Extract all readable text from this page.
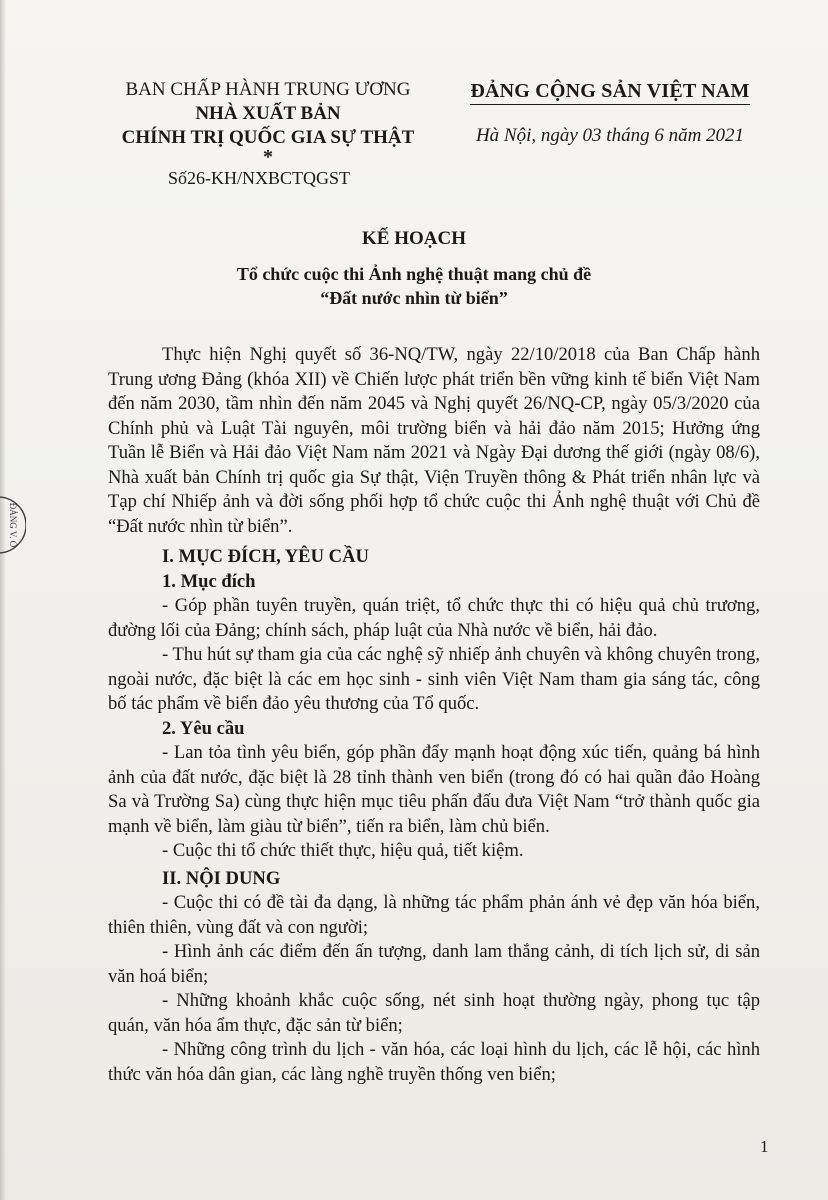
ĐẢNG V. O
BAN CHẤP HÀNH TRUNG ƯƠNG
NHÀ XUẤT BẢN
CHÍNH TRỊ QUỐC GIA SỰ THẬT
*
Số26​-KH/NXBCTQGST
ĐẢNG CỘNG SẢN VIỆT NAM
Hà Nội, ngày 03 tháng 6 năm 2021
KẾ HOẠCH
Tổ chức cuộc thi Ảnh nghệ thuật mang chủ đề
“Đất nước nhìn từ biển”

Thực hiện Nghị quyết số 36-NQ/TW, ngày 22/10/2018 của Ban Chấp hành Trung ương Đảng (khóa XII) về Chiến lược phát triển bền vững kinh tế biển Việt Nam đến năm 2030, tầm nhìn đến năm 2045 và Nghị quyết 26/NQ-CP, ngày 05/3/2020 của Chính phủ và Luật Tài nguyên, môi trường biển và hải đảo năm 2015; Hưởng ứng Tuần lễ Biển và Hải đảo Việt Nam năm 2021 và Ngày Đại dương thế giới (ngày 08/6), Nhà xuất bản Chính trị quốc gia Sự thật, Viện Truyền thông & Phát triển nhân lực và Tạp chí Nhiếp ảnh và đời sống phối hợp tổ chức cuộc thi Ảnh nghệ thuật với Chủ đề “Đất nước nhìn từ biển”.

I. MỤC ĐÍCH, YÊU CẦU
1. Mục đích

- Góp phần tuyên truyền, quán triệt, tổ chức thực thi có hiệu quả chủ trương, đường lối của Đảng; chính sách, pháp luật của Nhà nước về biển, hải đảo.

- Thu hút sự tham gia của các nghệ sỹ nhiếp ảnh chuyên và không chuyên trong, ngoài nước, đặc biệt là các em học sinh - sinh viên Việt Nam tham gia sáng tác, công bố tác phẩm về biển đảo yêu thương của Tổ quốc.

2. Yêu cầu

- Lan tỏa tình yêu biển, góp phần đẩy mạnh hoạt động xúc tiến, quảng bá hình ảnh của đất nước, đặc biệt là 28 tỉnh thành ven biển (trong đó có hai quần đảo Hoàng Sa và Trường Sa) cùng thực hiện mục tiêu phấn đấu đưa Việt Nam “trở thành quốc gia mạnh về biển, làm giàu từ biển”, tiến ra biển, làm chủ biển.

- Cuộc thi tổ chức thiết thực, hiệu quả, tiết kiệm.

II. NỘI DUNG

- Cuộc thi có đề tài đa dạng, là những tác phẩm phản ánh vẻ đẹp văn hóa biển, thiên thiên, vùng đất và con người;

- Hình ảnh các điểm đến ấn tượng, danh lam thắng cảnh, di tích lịch sử, di sản văn hoá biển;

- Những khoảnh khắc cuộc sống, nét sinh hoạt thường ngày, phong tục tập quán, văn hóa ẩm thực, đặc sản từ biển;

- Những công trình du lịch - văn hóa, các loại hình du lịch, các lễ hội, các hình thức văn hóa dân gian, các làng nghề truyền thống ven biển;

1
